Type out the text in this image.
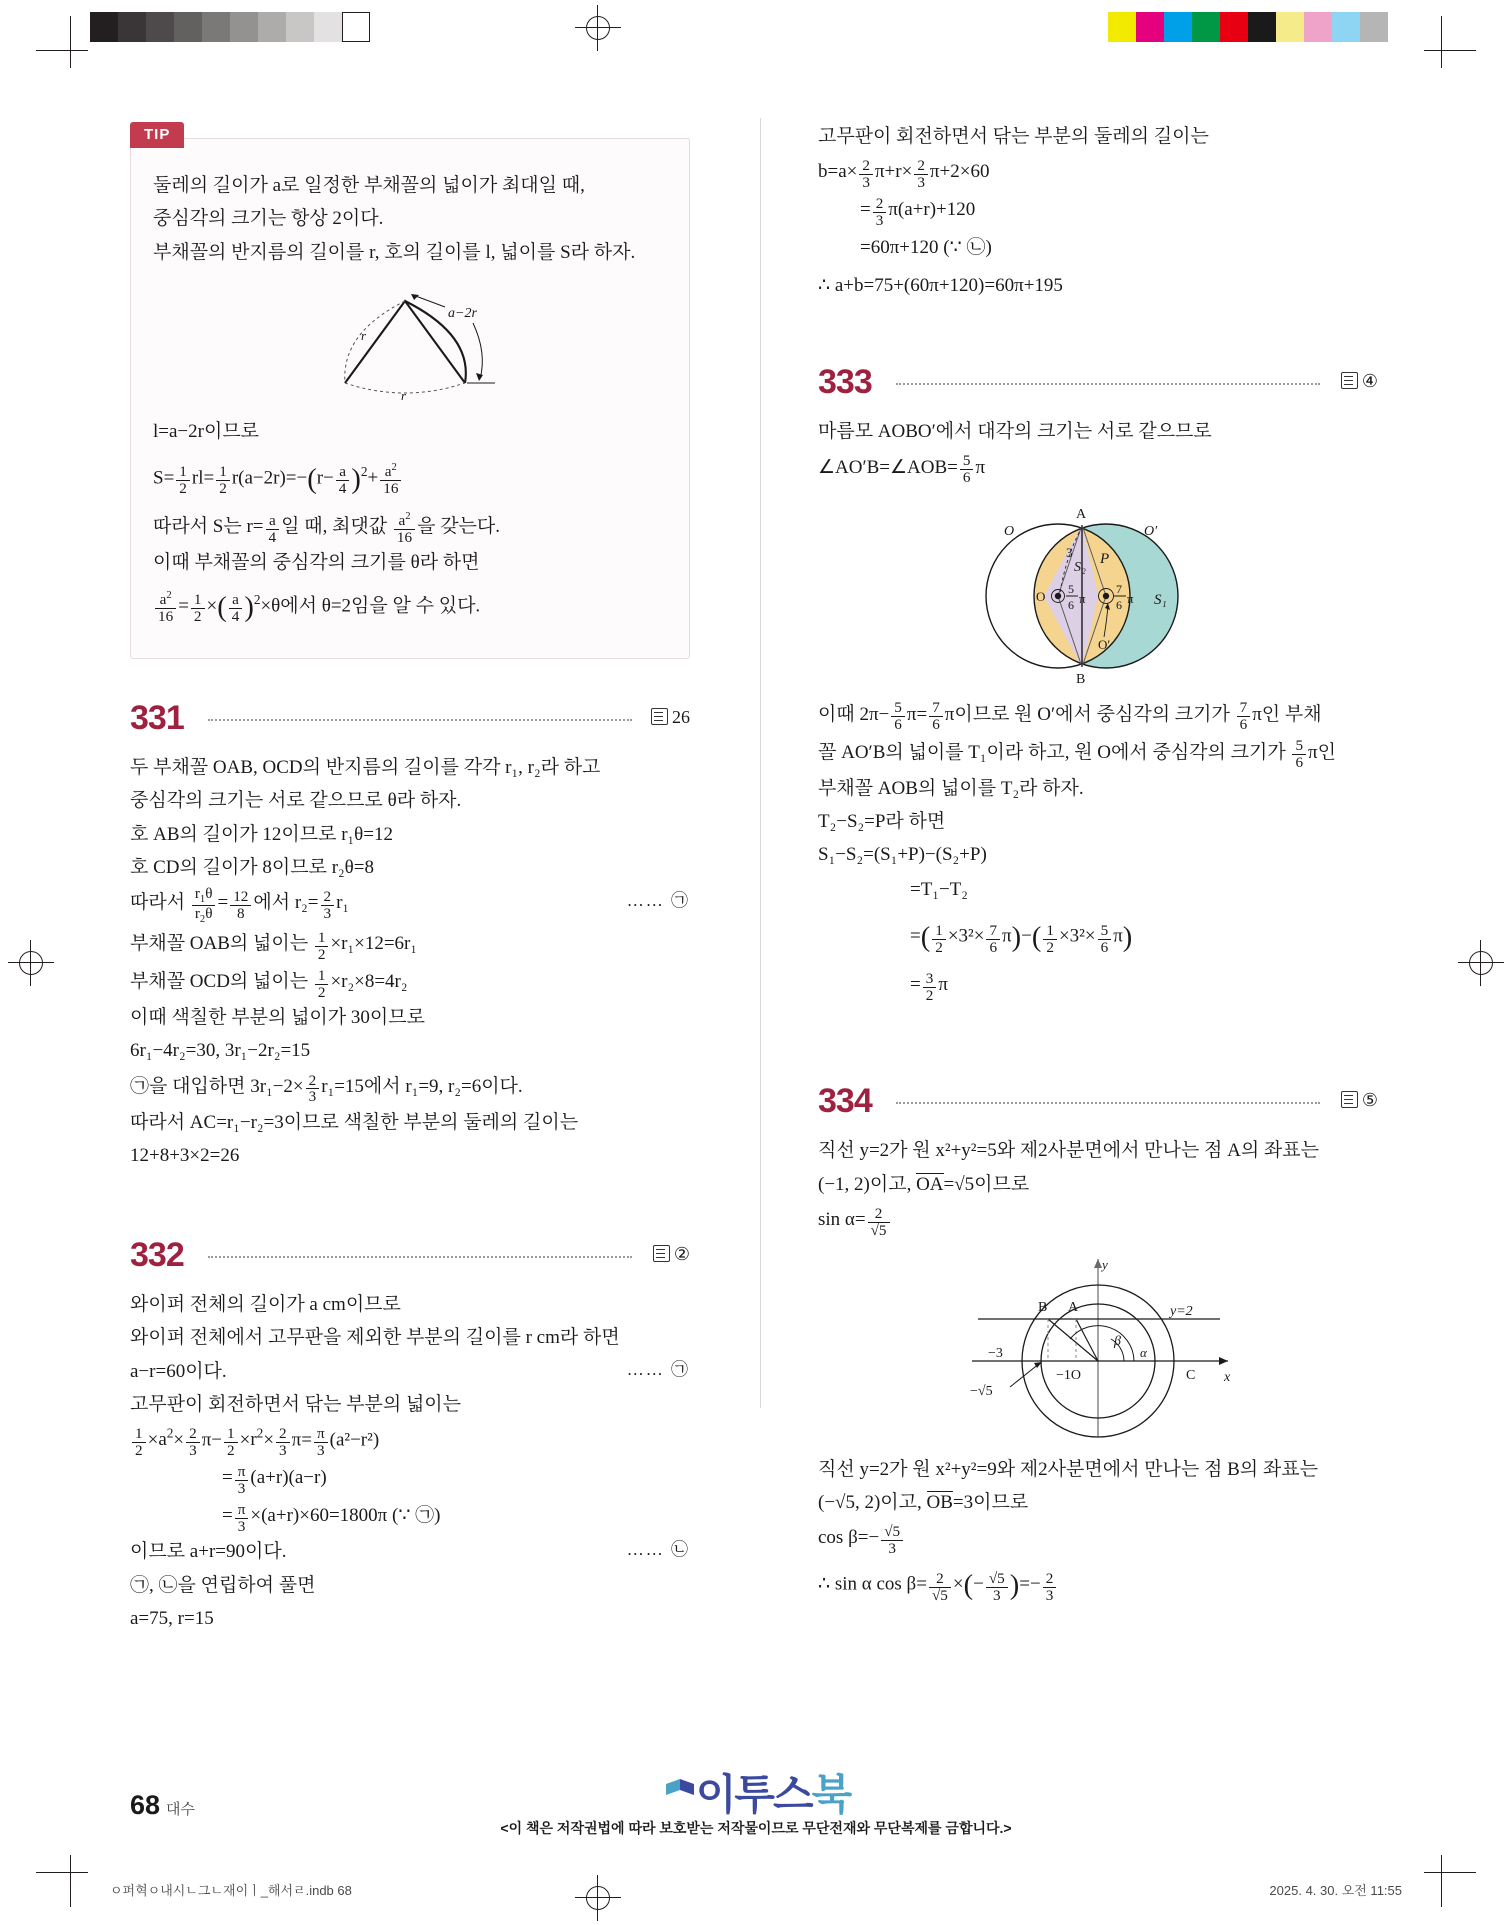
TIP
둘레의 길이가 a로 일정한 부채꼴의 넓이가 최대일 때,
중심각의 크기는 항상 2이다.
부채꼴의 반지름의 길이를 r, 호의 길이를 l, 넓이를 S라 하자.
r
r
a−2r
l=a−2r이므로
$S= \frac{1}{2} rl= \frac{1}{2} r(a-2r)=-(r- \frac{a}{4} )^2+ \frac{a^2}{16}$
따라서 S는 $r= \frac{a}{4}$ 일 때, 최댓값 $\frac{a^2}{16}$ 을 갖는다.
이때 부채꼴의 중심각의 크기를 θ라 하면
$\frac{a^2}{16} = \frac{1}{2}$ ×( $\frac{a}{4} )^2\times\theta$에서 θ=2임을 알 수 있다.
331	26
두 부채꼴 OAB, OCD의 반지름의 길이를 각각 r₁, r₂라 하고
중심각의 크기는 서로 같으므로 θ라 하자.
호 AB의 길이가 12이므로 r₁θ=12
호 CD의 길이가 8이므로 r₂θ=8
…… ㉠
따라서 $\frac{r_1\theta}{r_2\theta} = \frac{12}{8}$ 에서 $r_2= \frac{2}{3} r_1$
부채꼴 OAB의 넓이는 $\frac{1}{2} \times r_1\times 12=6r_1$
부채꼴 OCD의 넓이는 $\frac{1}{2} \times r_2\times 8=4r_2$
이때 색칠한 부분의 넓이가 30이므로
6r₁−4r₂=30, 3r₁−2r₂=15
㉠을 대입하면 $3r_1-2\times \frac{2}{3} r_1=15$에서 r₁=9, r₂=6이다.
따라서 AC=r₁−r₂=3이므로 색칠한 부분의 둘레의 길이는
12+8+3×2=26
332	②
와이퍼 전체의 길이가 a cm이므로
와이퍼 전체에서 고무판을 제외한 부분의 길이를 r cm라 하면
…… ㉠
a−r=60이다.
고무판이 회전하면서 닦는 부분의 넓이는
$\frac{1}{2} \times a^2\times \frac{2}{3} \pi- \frac{1}{2} \times r^2\times \frac{2}{3} \pi= \frac{\pi}{3} (a^2-r^2)$
= $\frac{\pi}{3} (a+r)(a-r)$
= $\frac{\pi}{3} \times(a+r)\times 60=1800\pi$ (∵ ㉠)
…… ㉡
이므로 a+r=90이다.
㉠, ㉡을 연립하여 풀면
a=75, r=15
고무판이 회전하면서 닦는 부분의 둘레의 길이는
$b=a\times \frac{2}{3} \pi+r\times \frac{2}{3} \pi+2\times 60$
= $\frac{2}{3} \pi(a+r)+120$
=60π+120 (∵ ㉡)
∴ a+b=75+(60π+120)=60π+195
333	④
마름모 AOBO′에서 대각의 크기는 서로 같으므로
∠AO′B=∠AOB= $\frac{5}{6}$ π
A
B
O	O′
3
S₂
P
S₁
O
O′
5
6 π
7
6 π
이때 $2\pi- \frac{5}{6} \pi= \frac{7}{6}$ π이므로 원 O′에서 중심각의 크기가 $\frac{7}{6}$ π인 부채
꼴 AO′B의 넓이를 T₁이라 하고, 원 O에서 중심각의 크기가 $\frac{5}{6}$ π인
부채꼴 AOB의 넓이를 T₂라 하자.
T₂−S₂=P라 하면
S₁−S₂=(S₁+P)−(S₂+P)
=T₁−T₂
=( $\frac{1}{2} \times 3^2\times \frac{7}{6} \pi)-( \frac{1}{2} \times 3^2\times \frac{5}{6} \pi)$
= $\frac{3}{2}$ π
334	⑤
직선 y=2가 원 x²+y²=5와 제2사분면에서 만나는 점 A의 좌표는
(−1, 2)이고, OA=√5이므로
$\sin \alpha= \frac{2}{√5}$
y
x
B A	y=2
β
α
−3
−1O	C
−√5
직선 y=2가 원 x²+y²=9와 제2사분면에서 만나는 점 B의 좌표는
(−√5, 2)이고, OB=3이므로
$\cos \beta=- \frac{√5}{3}$
∴ sin α $\cos \beta= \frac{2}{√5}$ ×(− $\frac{√5}{3}$ )=− $\frac{2}{3}$
68 대수	이투스북
<이 책은 저작권법에 따라 보호받는 저작물이므로 무단전재와 무단복제를 금합니다.>
ㅇ퍼혁ㅇ내시ㄴ그ㄴ재이ㅣ_해서ㄹ.indb 68	2025. 4. 30. 오전 11:55
